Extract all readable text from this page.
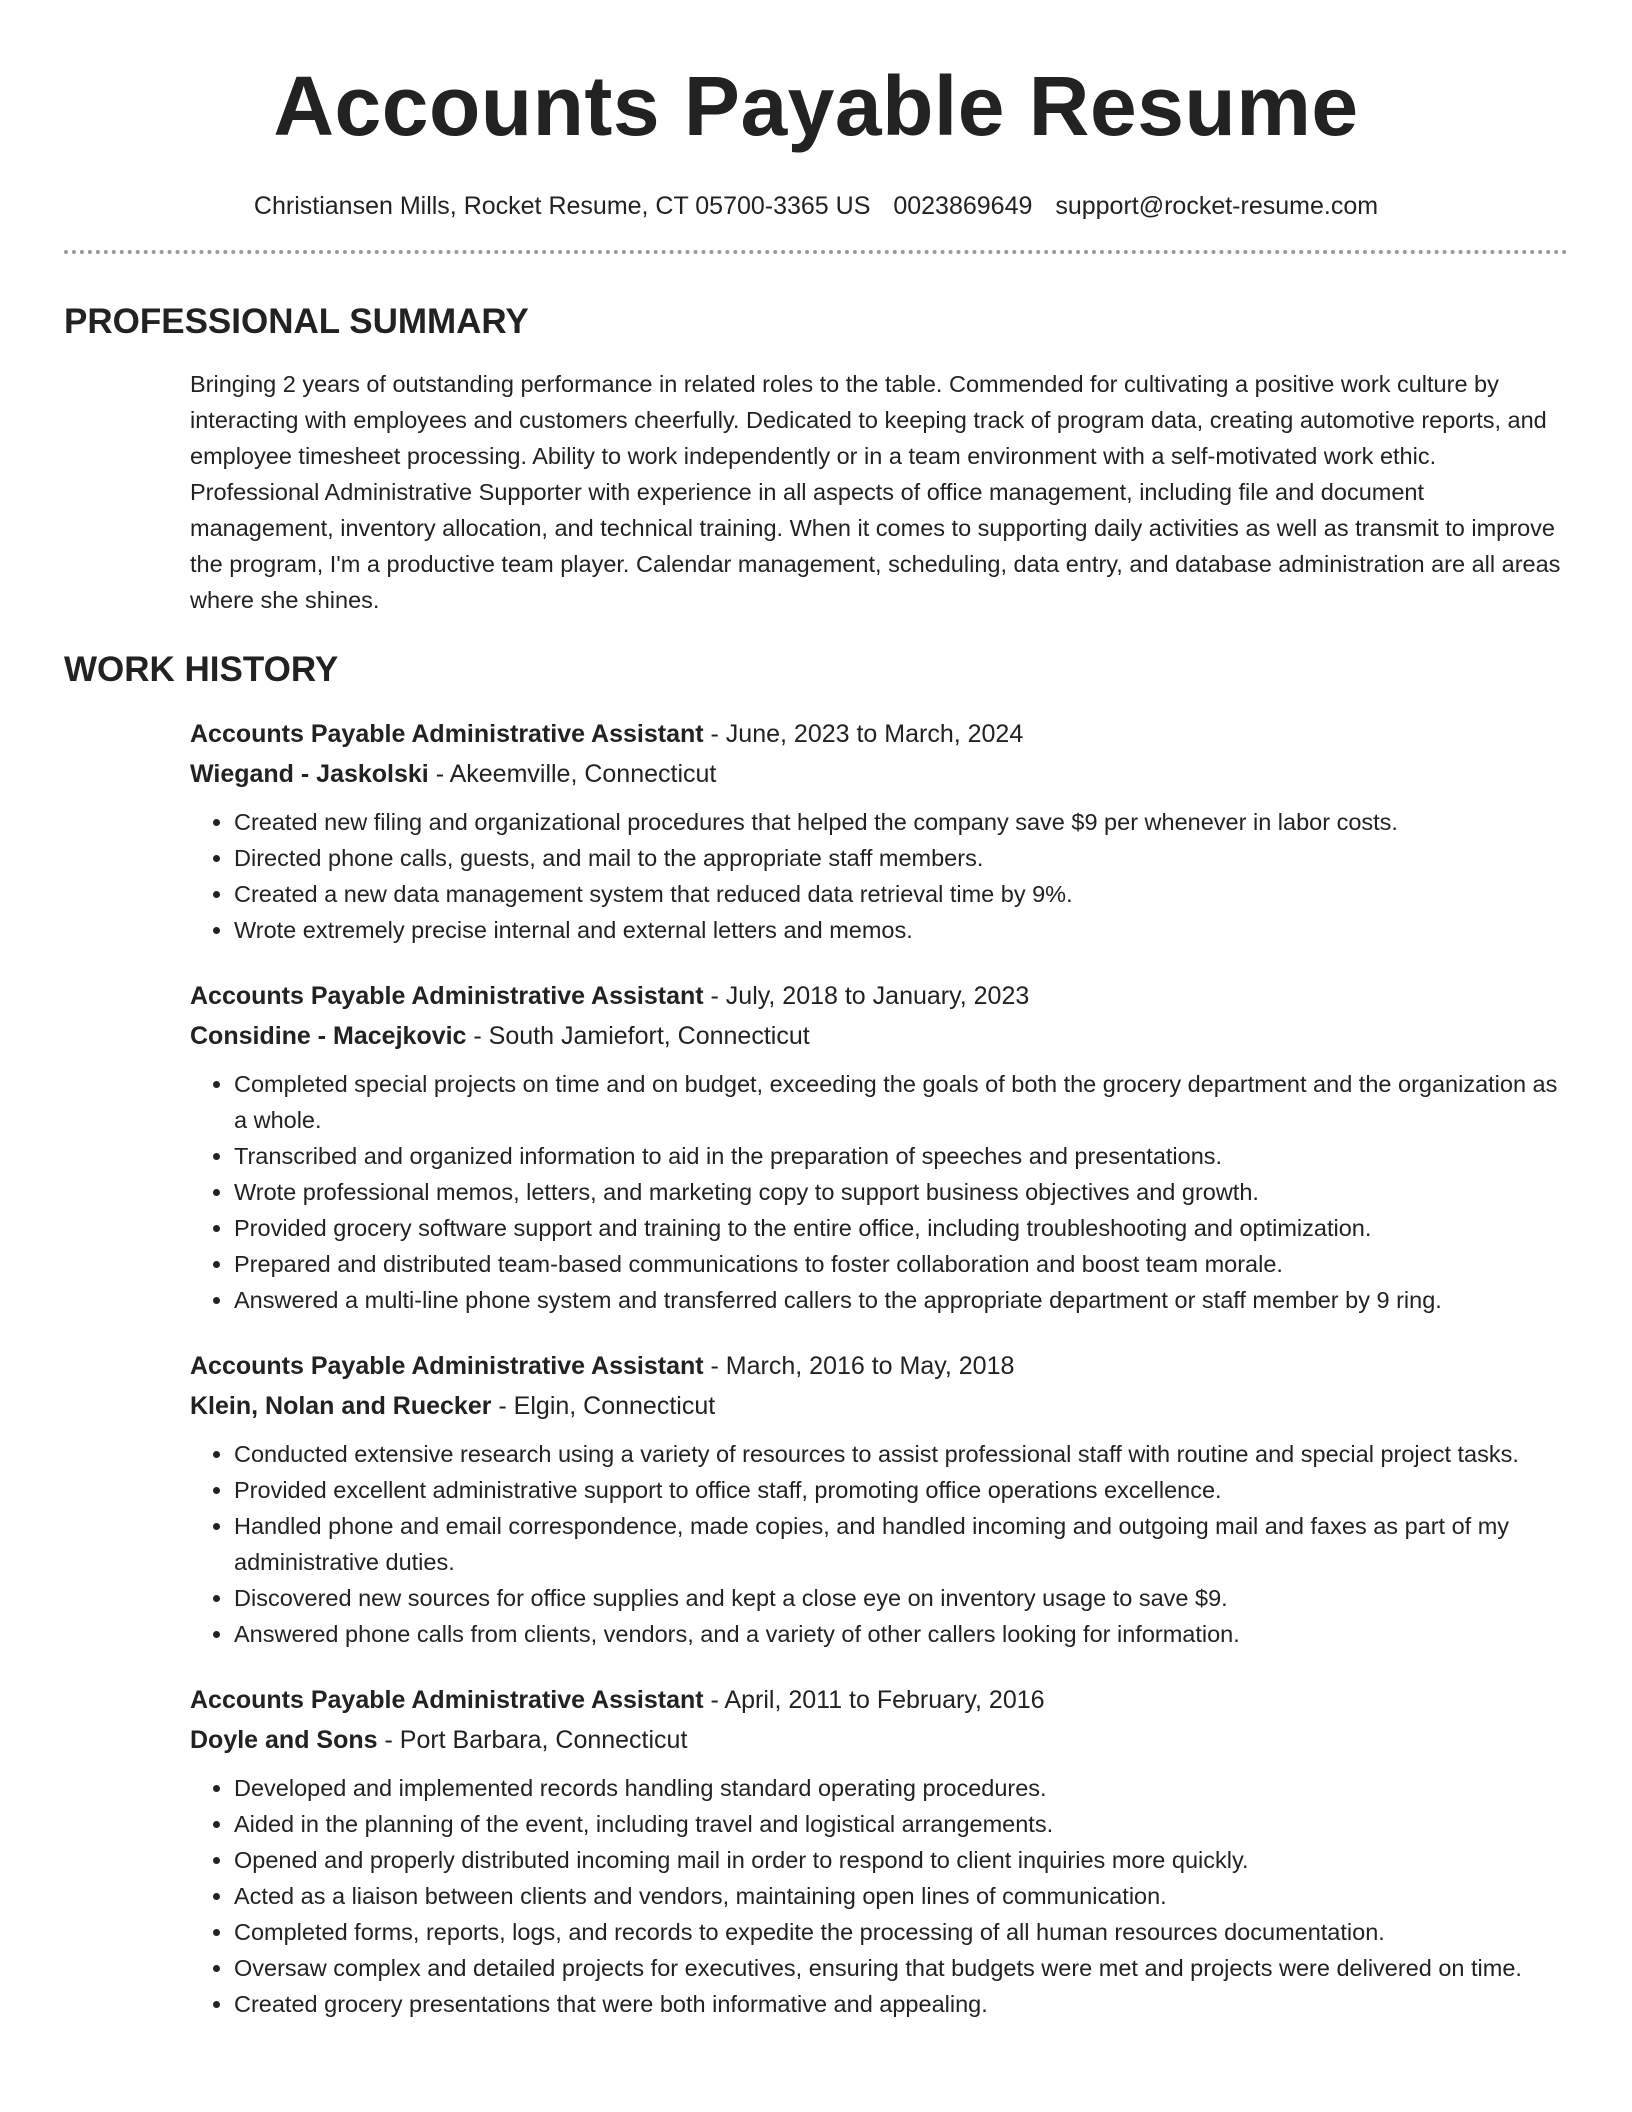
Accounts Payable Resume
Christiansen Mills, Rocket Resume, CT 05700-3365 US 0023869649 support@rocket-resume.com
PROFESSIONAL SUMMARY

Bringing 2 years of outstanding performance in related roles to the table. Commended for cultivating a positive work culture by interacting with employees and customers cheerfully. Dedicated to keeping track of program data, creating automotive reports, and employee timesheet processing. Ability to work independently or in a team environment with a self-motivated work ethic. Professional Administrative Supporter with experience in all aspects of office management, including file and document management, inventory allocation, and technical training. When it comes to supporting daily activities as well as transmit to improve the program, I'm a productive team player. Calendar management, scheduling, data entry, and database administration are all areas where she shines.

WORK HISTORY
Accounts Payable Administrative Assistant - June, 2023 to March, 2024
Wiegand - Jaskolski - Akeemville, Connecticut
• Created new filing and organizational procedures that helped the company save $9 per whenever in labor costs.
• Directed phone calls, guests, and mail to the appropriate staff members.
• Created a new data management system that reduced data retrieval time by 9%.
• Wrote extremely precise internal and external letters and memos.
Accounts Payable Administrative Assistant - July, 2018 to January, 2023
Considine - Macejkovic - South Jamiefort, Connecticut
• Completed special projects on time and on budget, exceeding the goals of both the grocery department and the organization as a whole.
• Transcribed and organized information to aid in the preparation of speeches and presentations.
• Wrote professional memos, letters, and marketing copy to support business objectives and growth.
• Provided grocery software support and training to the entire office, including troubleshooting and optimization.
• Prepared and distributed team-based communications to foster collaboration and boost team morale.
• Answered a multi-line phone system and transferred callers to the appropriate department or staff member by 9 ring.
Accounts Payable Administrative Assistant - March, 2016 to May, 2018
Klein, Nolan and Ruecker - Elgin, Connecticut
• Conducted extensive research using a variety of resources to assist professional staff with routine and special project tasks.
• Provided excellent administrative support to office staff, promoting office operations excellence.
• Handled phone and email correspondence, made copies, and handled incoming and outgoing mail and faxes as part of my administrative duties.
• Discovered new sources for office supplies and kept a close eye on inventory usage to save $9.
• Answered phone calls from clients, vendors, and a variety of other callers looking for information.
Accounts Payable Administrative Assistant - April, 2011 to February, 2016
Doyle and Sons - Port Barbara, Connecticut
• Developed and implemented records handling standard operating procedures.
• Aided in the planning of the event, including travel and logistical arrangements.
• Opened and properly distributed incoming mail in order to respond to client inquiries more quickly.
• Acted as a liaison between clients and vendors, maintaining open lines of communication.
• Completed forms, reports, logs, and records to expedite the processing of all human resources documentation.
• Oversaw complex and detailed projects for executives, ensuring that budgets were met and projects were delivered on time.
• Created grocery presentations that were both informative and appealing.
